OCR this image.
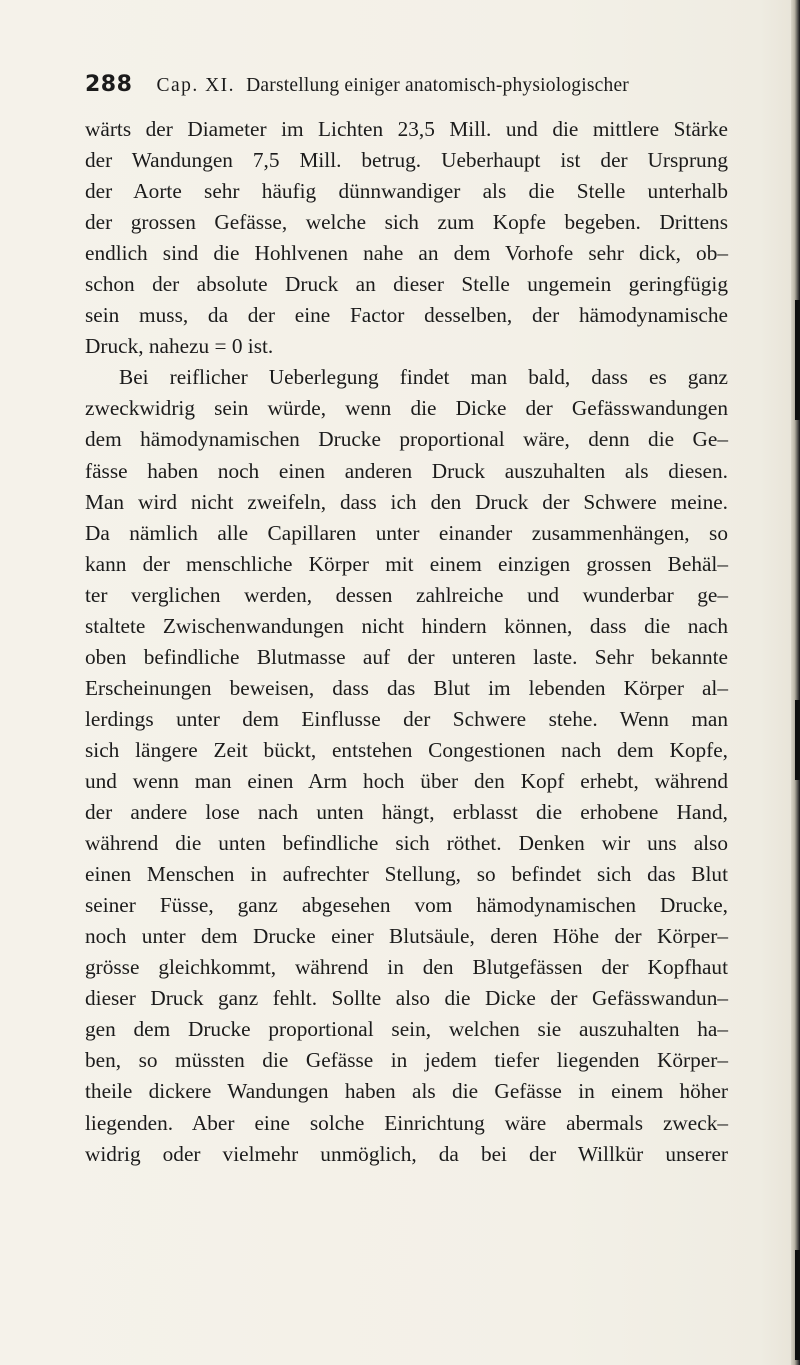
288 Cap. XI. Darstellung einiger anatomisch-physiologischer
wärts der Diameter im Lichten 23,5 Mill. und die mittlere Stärke
der Wandungen 7,5 Mill. betrug. Ueberhaupt ist der Ursprung
der Aorte sehr häufig dünnwandiger als die Stelle unterhalb
der grossen Gefässe, welche sich zum Kopfe begeben. Drittens
endlich sind die Hohlvenen nahe an dem Vorhofe sehr dick, ob–
schon der absolute Druck an dieser Stelle ungemein geringfügig
sein muss, da der eine Factor desselben, der hämodynamische
Druck, nahezu = 0 ist.
Bei reiflicher Ueberlegung findet man bald, dass es ganz
zweckwidrig sein würde, wenn die Dicke der Gefässwandungen
dem hämodynamischen Drucke proportional wäre, denn die Ge–
fässe haben noch einen anderen Druck auszuhalten als diesen.
Man wird nicht zweifeln, dass ich den Druck der Schwere meine.
Da nämlich alle Capillaren unter einander zusammenhängen, so
kann der menschliche Körper mit einem einzigen grossen Behäl–
ter verglichen werden, dessen zahlreiche und wunderbar ge–
staltete Zwischenwandungen nicht hindern können, dass die nach
oben befindliche Blutmasse auf der unteren laste. Sehr bekannte
Erscheinungen beweisen, dass das Blut im lebenden Körper al–
lerdings unter dem Einflusse der Schwere stehe. Wenn man
sich längere Zeit bückt, entstehen Congestionen nach dem Kopfe,
und wenn man einen Arm hoch über den Kopf erhebt, während
der andere lose nach unten hängt, erblasst die erhobene Hand,
während die unten befindliche sich röthet. Denken wir uns also
einen Menschen in aufrechter Stellung, so befindet sich das Blut
seiner Füsse, ganz abgesehen vom hämodynamischen Drucke,
noch unter dem Drucke einer Blutsäule, deren Höhe der Körper–
grösse gleichkommt, während in den Blutgefässen der Kopfhaut
dieser Druck ganz fehlt. Sollte also die Dicke der Gefässwandun–
gen dem Drucke proportional sein, welchen sie auszuhalten ha–
ben, so müssten die Gefässe in jedem tiefer liegenden Körper–
theile dickere Wandungen haben als die Gefässe in einem höher
liegenden. Aber eine solche Einrichtung wäre abermals zweck–
widrig oder vielmehr unmöglich, da bei der Willkür unserer
